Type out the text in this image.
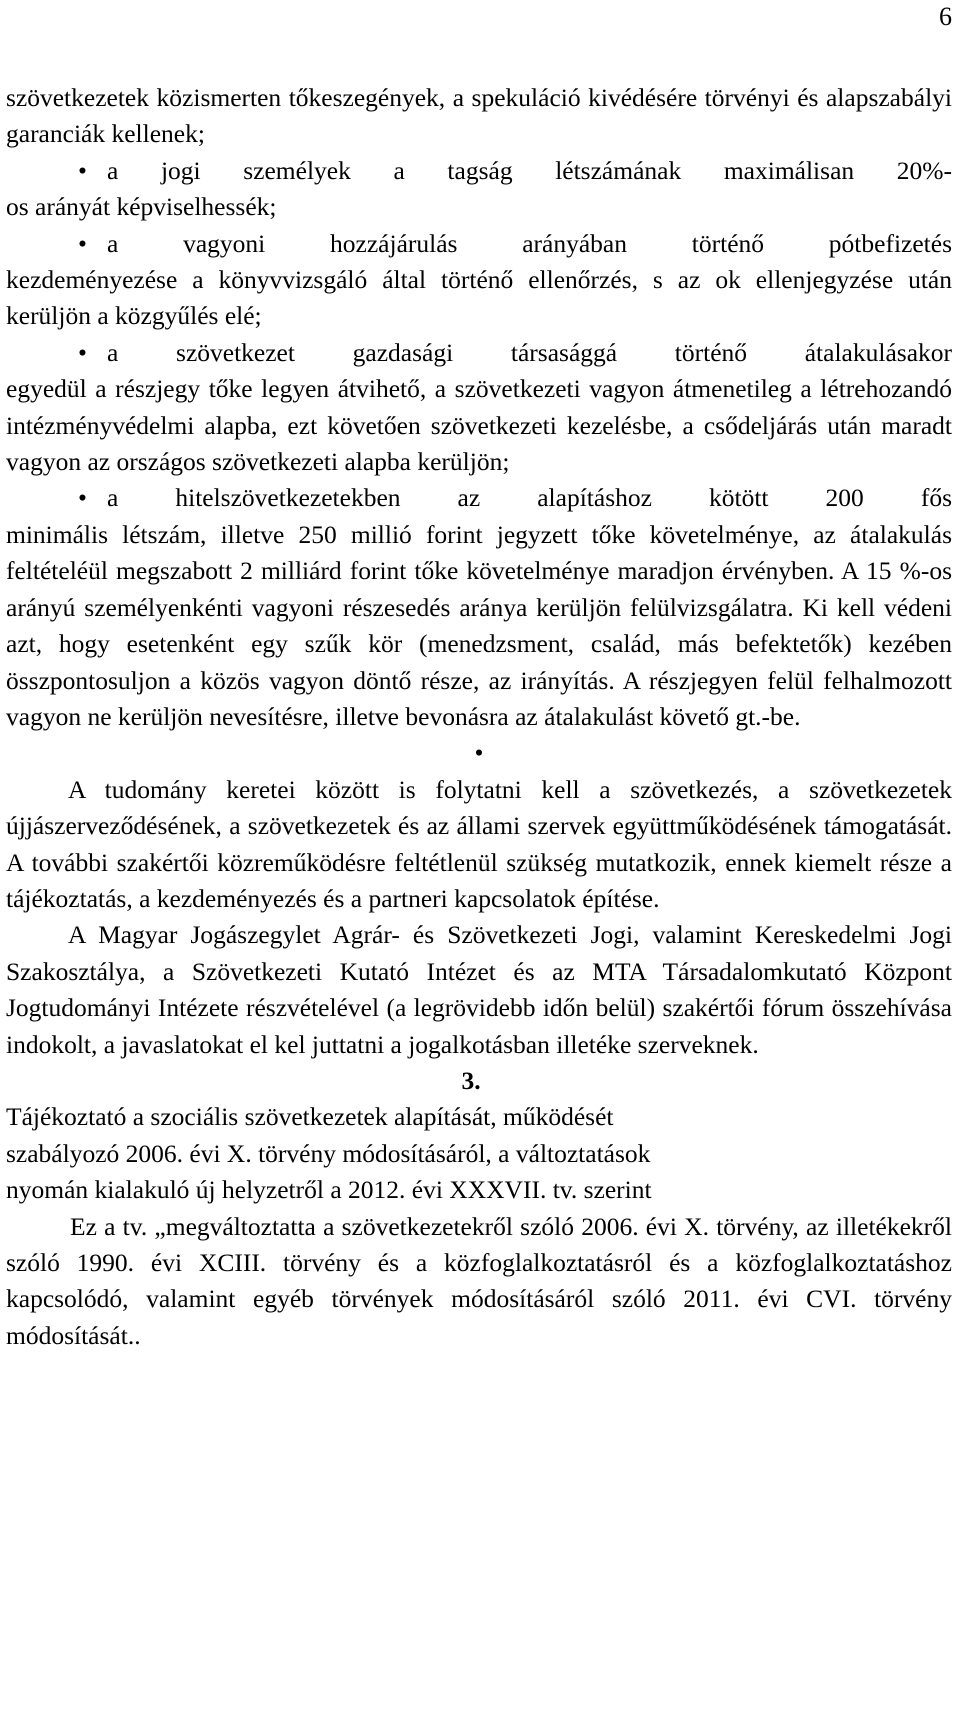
6

szövetkezetek közismerten tőkeszegények, a spekuláció kivédésére törvényi és alapszabályi garanciák kellenek;

• a jogi személyek a tagság létszámának maximálisan 20%-
os arányát képviselhessék;
• a vagyoni hozzájárulás arányában történő pótbefizetés
kezdeményezése a könyvvizsgáló által történő ellenőrzés, s az ok ellenjegyzése után kerüljön a közgyűlés elé;
• a szövetkezet gazdasági társasággá történő átalakulásakor
egyedül a részjegy tőke legyen átvihető, a szövetkezeti vagyon átmenetileg a létrehozandó intézményvédelmi alapba, ezt követően szövetkezeti kezelésbe, a csődeljárás után maradt vagyon az országos szövetkezeti alapba kerüljön;
• a hitelszövetkezetekben az alapításhoz kötött 200 fős
minimális létszám, illetve 250 millió forint jegyzett tőke követelménye, az átalakulás feltételéül megszabott 2 milliárd forint tőke követelménye maradjon érvényben. A 15 %-os arányú személyenkénti vagyoni részesedés aránya kerüljön felülvizsgálatra. Ki kell védeni azt, hogy esetenként egy szűk kör (menedzsment, család, más befektetők) kezében összpontosuljon a közös vagyon döntő része, az irányítás. A részjegyen felül felhalmozott vagyon ne kerüljön nevesítésre, illetve bevonásra az átalakulást követő gt.-be.

•

A tudomány keretei között is folytatni kell a szövetkezés, a szövetkezetek újjászerveződésének, a szövetkezetek és az állami szervek együttműködésének támogatását. A további szakértői közreműködésre feltétlenül szükség mutatkozik, ennek kiemelt része a tájékoztatás, a kezdeményezés és a partneri kapcsolatok építése.

A Magyar Jogászegylet Agrár- és Szövetkezeti Jogi, valamint Kereskedelmi Jogi Szakosztálya, a Szövetkezeti Kutató Intézet és az MTA Társadalomkutató Központ Jogtudományi Intézete részvételével (a legrövidebb időn belül) szakértői fórum összehívása indokolt, a javaslatokat el kel juttatni a jogalkotásban illetéke szerveknek.

3.

Tájékoztató a szociális szövetkezetek alapítását, működését

szabályozó 2006. évi X. törvény módosításáról, a változtatások

nyomán kialakuló új helyzetről a 2012. évi XXXVII. tv. szerint

Ez a tv. „megváltoztatta a szövetkezetekről szóló 2006. évi X. törvény, az illetékekről szóló 1990. évi XCIII. törvény és a közfoglalkoztatásról és a közfoglalkoztatáshoz kapcsolódó, valamint egyéb törvények módosításáról szóló 2011. évi CVI. törvény módosítását..
